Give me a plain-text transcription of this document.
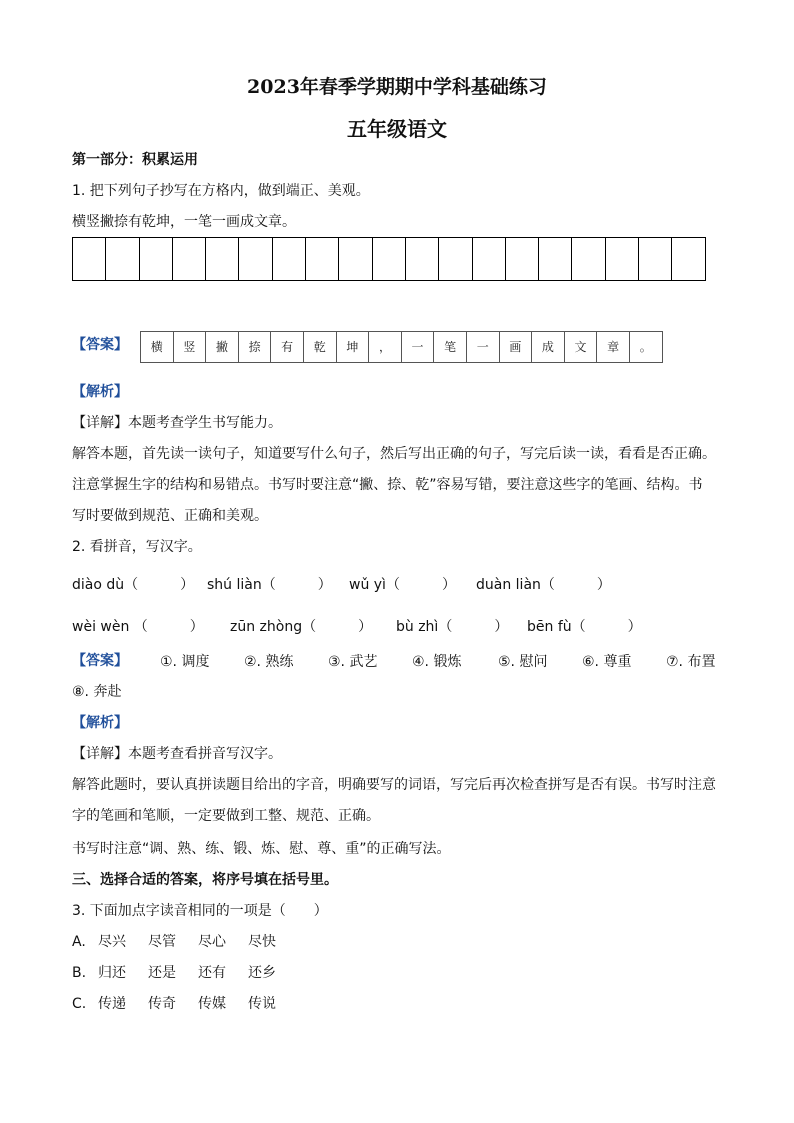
2023年春季学期期中学科基础练习
五年级语文
第一部分：积累运用
1. 把下列句子抄写在方格内，做到端正、美观。
横竖撇捺有乾坤，一笔一画成文章。
【答案】	横	竖	撇	捺	有	乾	坤	，	一	笔	一	画	成	文	章	。
【解析】
【详解】本题考查学生书写能力。
解答本题，首先读一读句子，知道要写什么句子，然后写出正确的句子，写完后读一读，看看是否正确。
注意掌握生字的结构和易错点。书写时要注意“撇、捺、乾”容易写错，要注意这些字的笔画、结构。书
写时要做到规范、正确和美观。
2. 看拼音，写汉字。
diào dù（　　　） shú liàn（　　　） wǔ yì（　　　） duàn liàn（　　　）
wèi wèn （　　　） zūn zhòng（　　　） bù zhì（　　　） bēn fù（　　　）
【答案】 ①. 调度 ②. 熟练 ③. 武艺 ④. 锻炼	⑤. 慰问 ⑥. 尊重 ⑦. 布置
⑧. 奔赴
【解析】
【详解】本题考查看拼音写汉字。
解答此题时，要认真拼读题目给出的字音，明确要写的词语，写完后再次检查拼写是否有误。书写时注意
字的笔画和笔顺，一定要做到工整、规范、正确。
书写时注意“调、熟、练、锻、炼、慰、尊、重”的正确写法。
三、选择合适的答案，将序号填在括号里。
3. 下面加点字读音相同的一项是（　　）
A. 尽兴 尽管 尽心 尽快
B. 归还 还是 还有 还乡
C. 传递 传奇 传媒 传说
